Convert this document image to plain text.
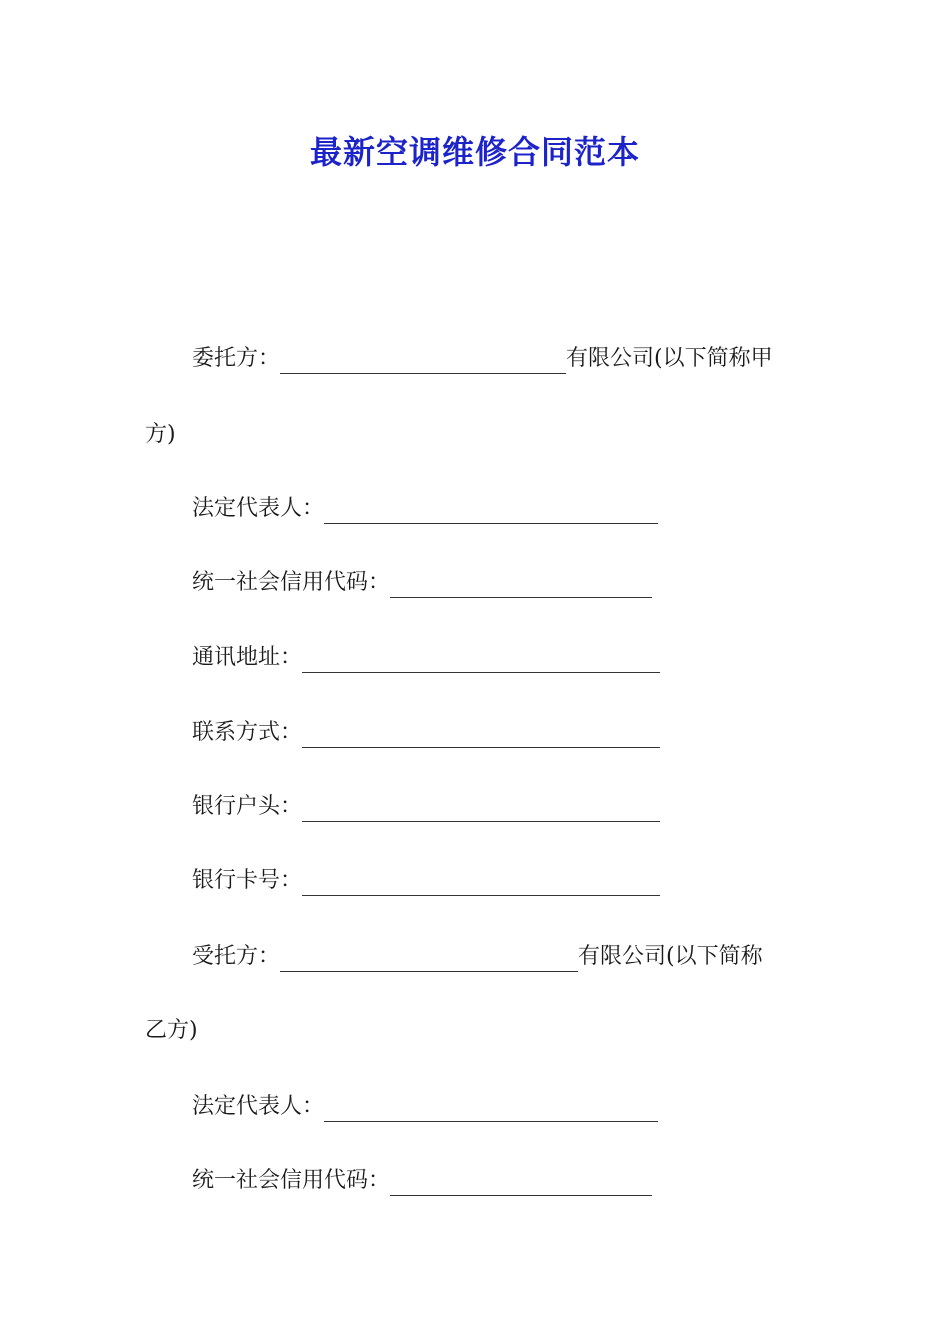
最新空调维修合同范本
委托方：	有限公司(以下简称甲
方)
法定代表人：
统一社会信用代码：
通讯地址：
联系方式：
银行户头：
银行卡号：
受托方：	有限公司(以下简称
乙方)
法定代表人：
统一社会信用代码：
